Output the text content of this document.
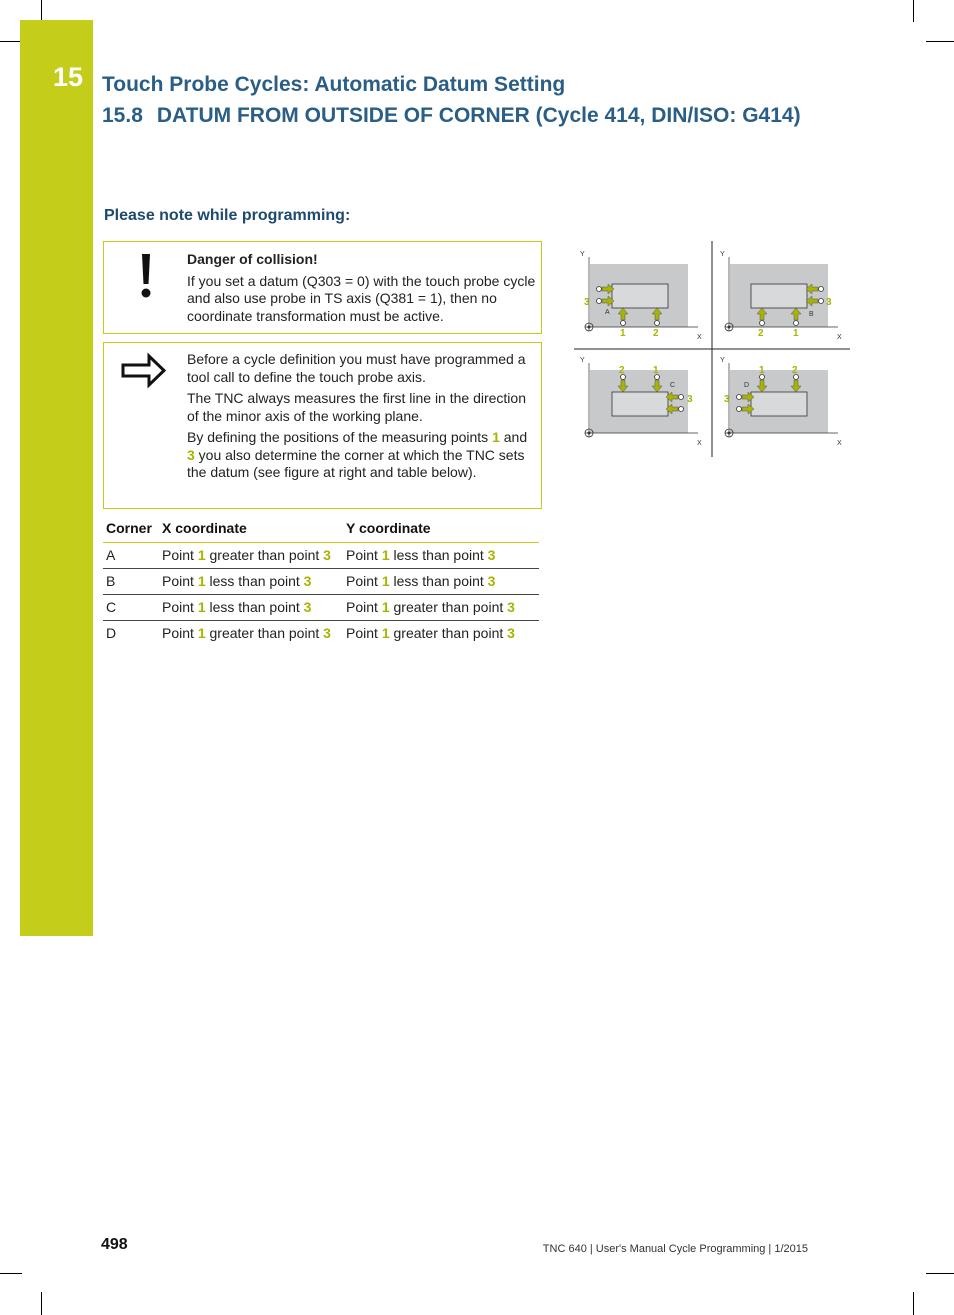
15 Touch Probe Cycles: Automatic Datum Setting
15.8 DATUM FROM OUTSIDE OF CORNER (Cycle 414, DIN/ISO: G414)
Please note while programming:

Danger of collision!

If you set a datum (Q303 = 0) with the touch probe cycle and also use probe in TS axis (Q381 = 1), then no coordinate transformation must be active.

Before a cycle definition you must have programmed a tool call to define the touch probe axis.

The TNC always measures the first line in the direction of the minor axis of the working plane.

By defining the positions of the measuring points 1 and 3 you also determine the corner at which the TNC sets the datum (see figure at right and table below).

Corner	X coordinate	Y coordinate
A	Point 1 greater than point 3	Point 1 less than point 3
B	Point 1 less than point 3	Point 1 less than point 3
C	Point 1 less than point 3	Point 1 greater than point 3
D	Point 1 greater than point 3	Point 1 greater than point 3
Y
X
A
3
1	2
Y
X
B
3
2	1
Y
X
C
2	1
3
Y
X
D
1	2
3
498	TNC 640 | User's Manual Cycle Programming | 1/2015
